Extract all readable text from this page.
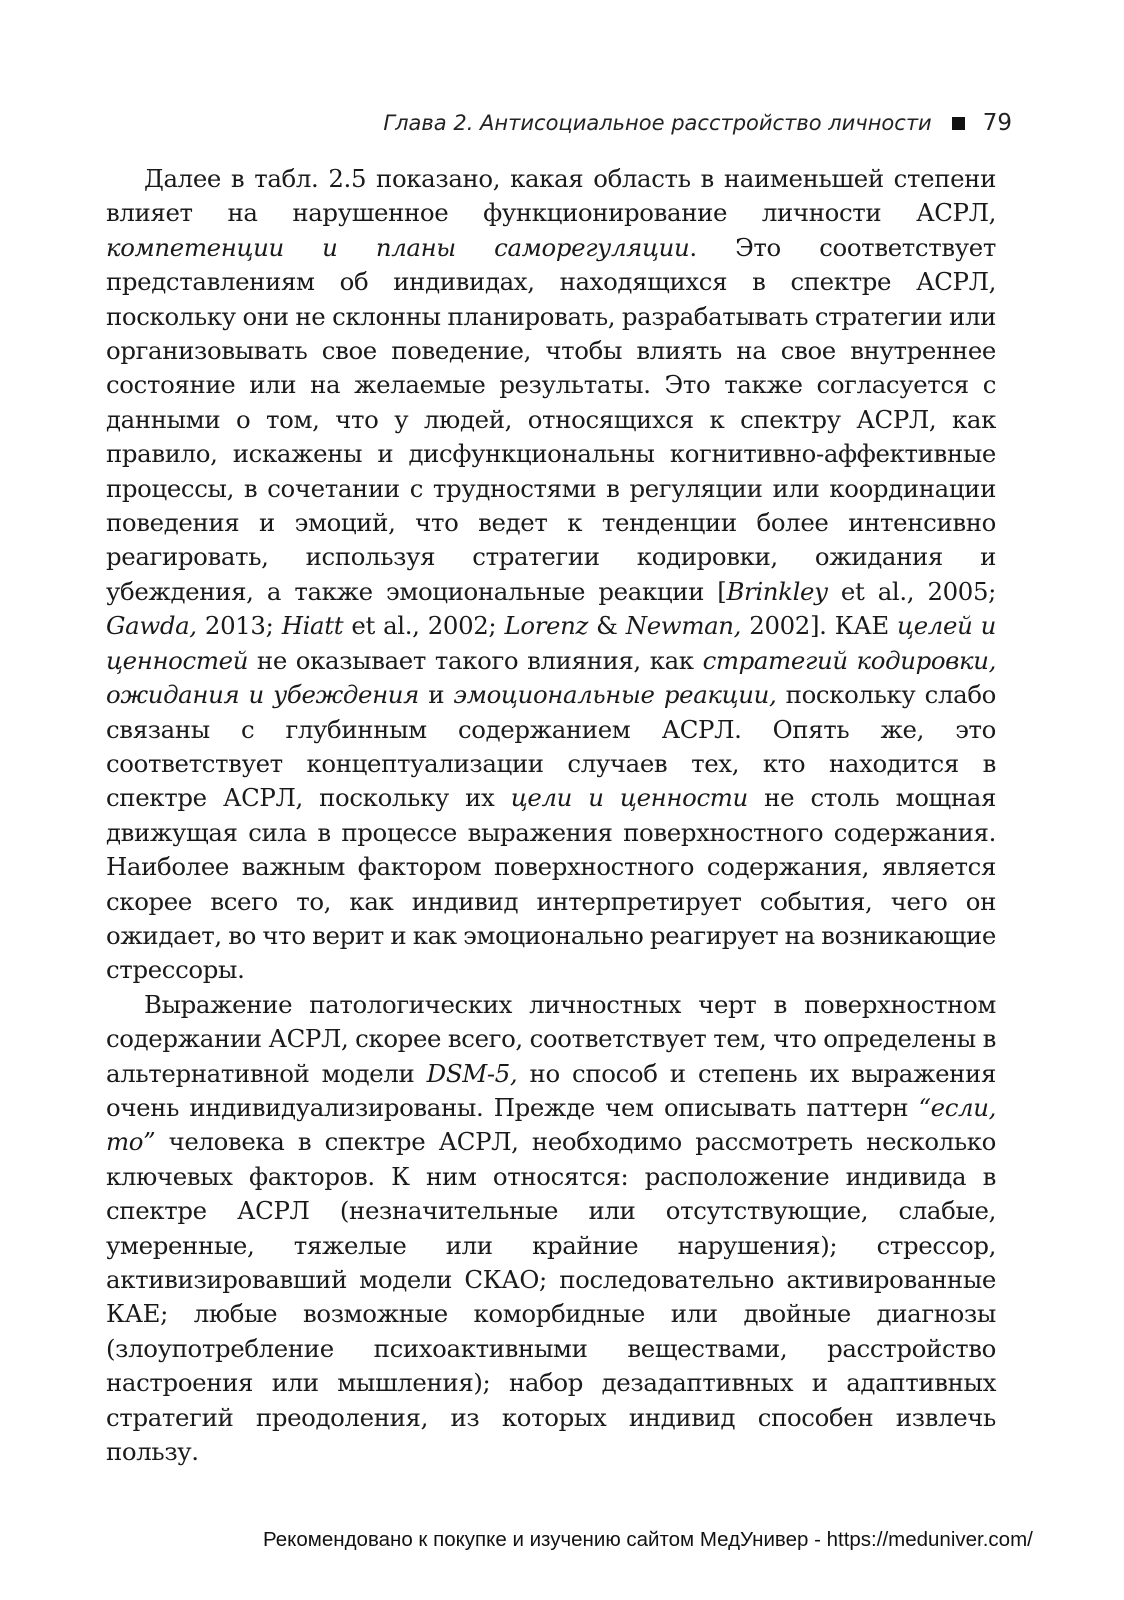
Глава 2. Антисоциальное расстройство личности 79

Далее в табл. 2.5 показано, какая область в наименьшей степени влияет на нарушенное функционирование личности АСРЛ, компетенции и планы саморегуляции. Это соответствует представлениям об индивидах, находящихся в спектре АСРЛ, поскольку они не склонны планировать, разрабатывать стратегии или организовывать свое поведение, чтобы влиять на свое внутреннее состояние или на желаемые результаты. Это также согласуется с данными о том, что у людей, относящихся к спектру АСРЛ, как правило, искажены и дисфункциональны когнитивно-аффективные процессы, в сочетании с трудностями в регуляции или координации поведения и эмоций, что ведет к тенденции более интенсивно реагировать, используя стратегии кодировки, ожидания и убеждения, а также эмоциональные реакции [Brinkley et al., 2005; Gawda, 2013; Hiatt et al., 2002; Lorenz & Newman, 2002]. КАЕ целей и ценностей не оказывает такого влияния, как стратегий кодировки, ожидания и убеждения и эмоциональные реакции, поскольку слабо связаны с глубинным содержанием АСРЛ. Опять же, это соответствует концептуализации случаев тех, кто находится в спектре АСРЛ, поскольку их цели и ценности не столь мощная движущая сила в процессе выражения поверхностного содержания. Наиболее важным фактором поверхностного содержания, является скорее всего то, как индивид интерпретирует события, чего он ожидает, во что верит и как эмоционально реагирует на возникающие стрессоры.

Выражение патологических личностных черт в поверхностном содержании АСРЛ, скорее всего, соответствует тем, что определены в альтернативной модели DSM-5, но способ и степень их выражения очень индивидуализированы. Прежде чем описывать паттерн “если, то” человека в спектре АСРЛ, необходимо рассмотреть несколько ключевых факторов. К ним относятся: расположение индивида в спектре АСРЛ (незначительные или отсутствующие, слабые, умеренные, тяжелые или крайние нарушения); стрессор, активизировавший модели СКАО; последовательно активированные КАЕ; любые возможные коморбидные или двойные диагнозы (злоупотребление психоактивными веществами, расстройство настроения или мышления); набор дезадаптивных и адаптивных стратегий преодоления, из которых индивид способен извлечь пользу.

Рекомендовано к покупке и изучению сайтом МедУнивер - https://meduniver.com/
